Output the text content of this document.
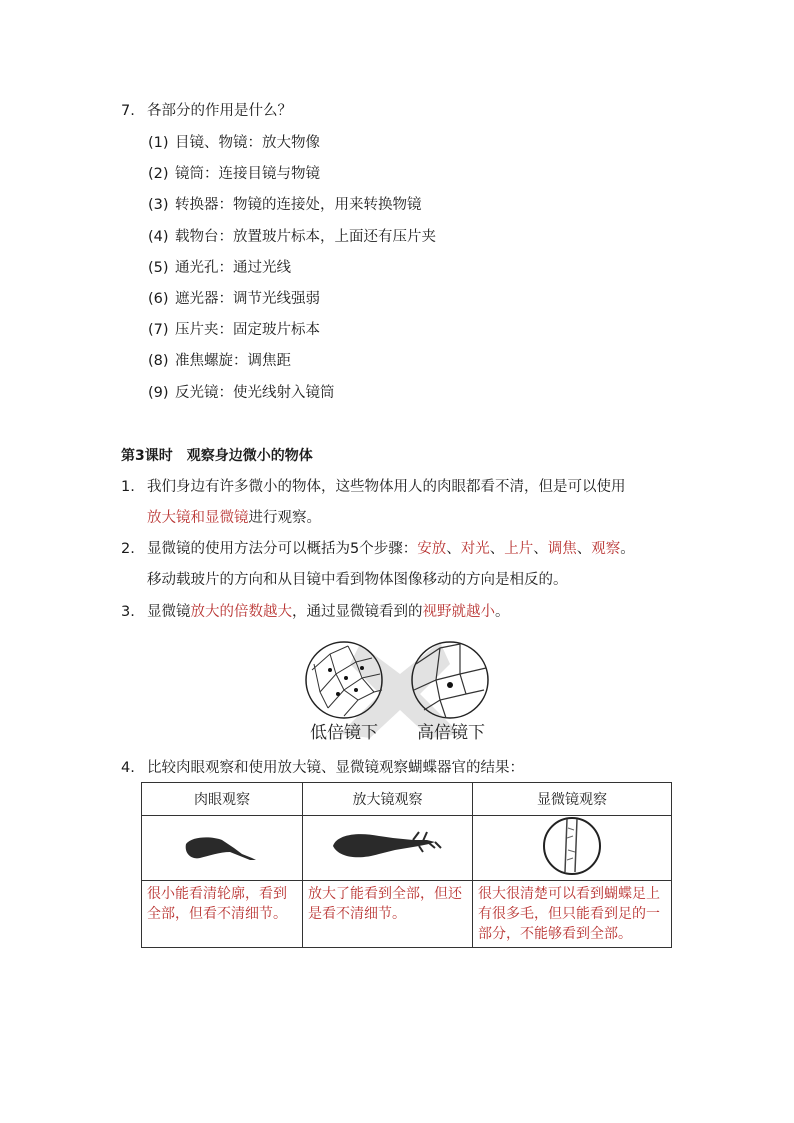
7. 各部分的作用是什么？
(1) 目镜、物镜：放大物像
(2) 镜筒：连接目镜与物镜
(3) 转换器：物镜的连接处，用来转换物镜
(4) 载物台：放置玻片标本，上面还有压片夹
(5) 通光孔：通过光线
(6) 遮光器：调节光线强弱
(7) 压片夹：固定玻片标本
(8) 准焦螺旋：调焦距
(9) 反光镜：使光线射入镜筒
第3课时　观察身边微小的物体
1. 我们身边有许多微小的物体，这些物体用人的肉眼都看不清，但是可以使用
放大镜和显微镜进行观察。
2. 显微镜的使用方法分可以概括为5个步骤：安放、对光、上片、调焦、观察。
移动载玻片的方向和从目镜中看到物体图像移动的方向是相反的。
3. 显微镜放大的倍数越大，通过显微镜看到的视野就越小。
低倍镜下 高倍镜下
4. 比较肉眼观察和使用放大镜、显微镜观察蝴蝶器官的结果：
肉眼观察	放大镜观察	显微镜观察

很小能看清轮廓，看到全部，但看不清细节。	放大了能看到全部，但还是看不清细节。	很大很清楚可以看到蝴蝶足上有很多毛，但只能看到足的一部分，不能够看到全部。
